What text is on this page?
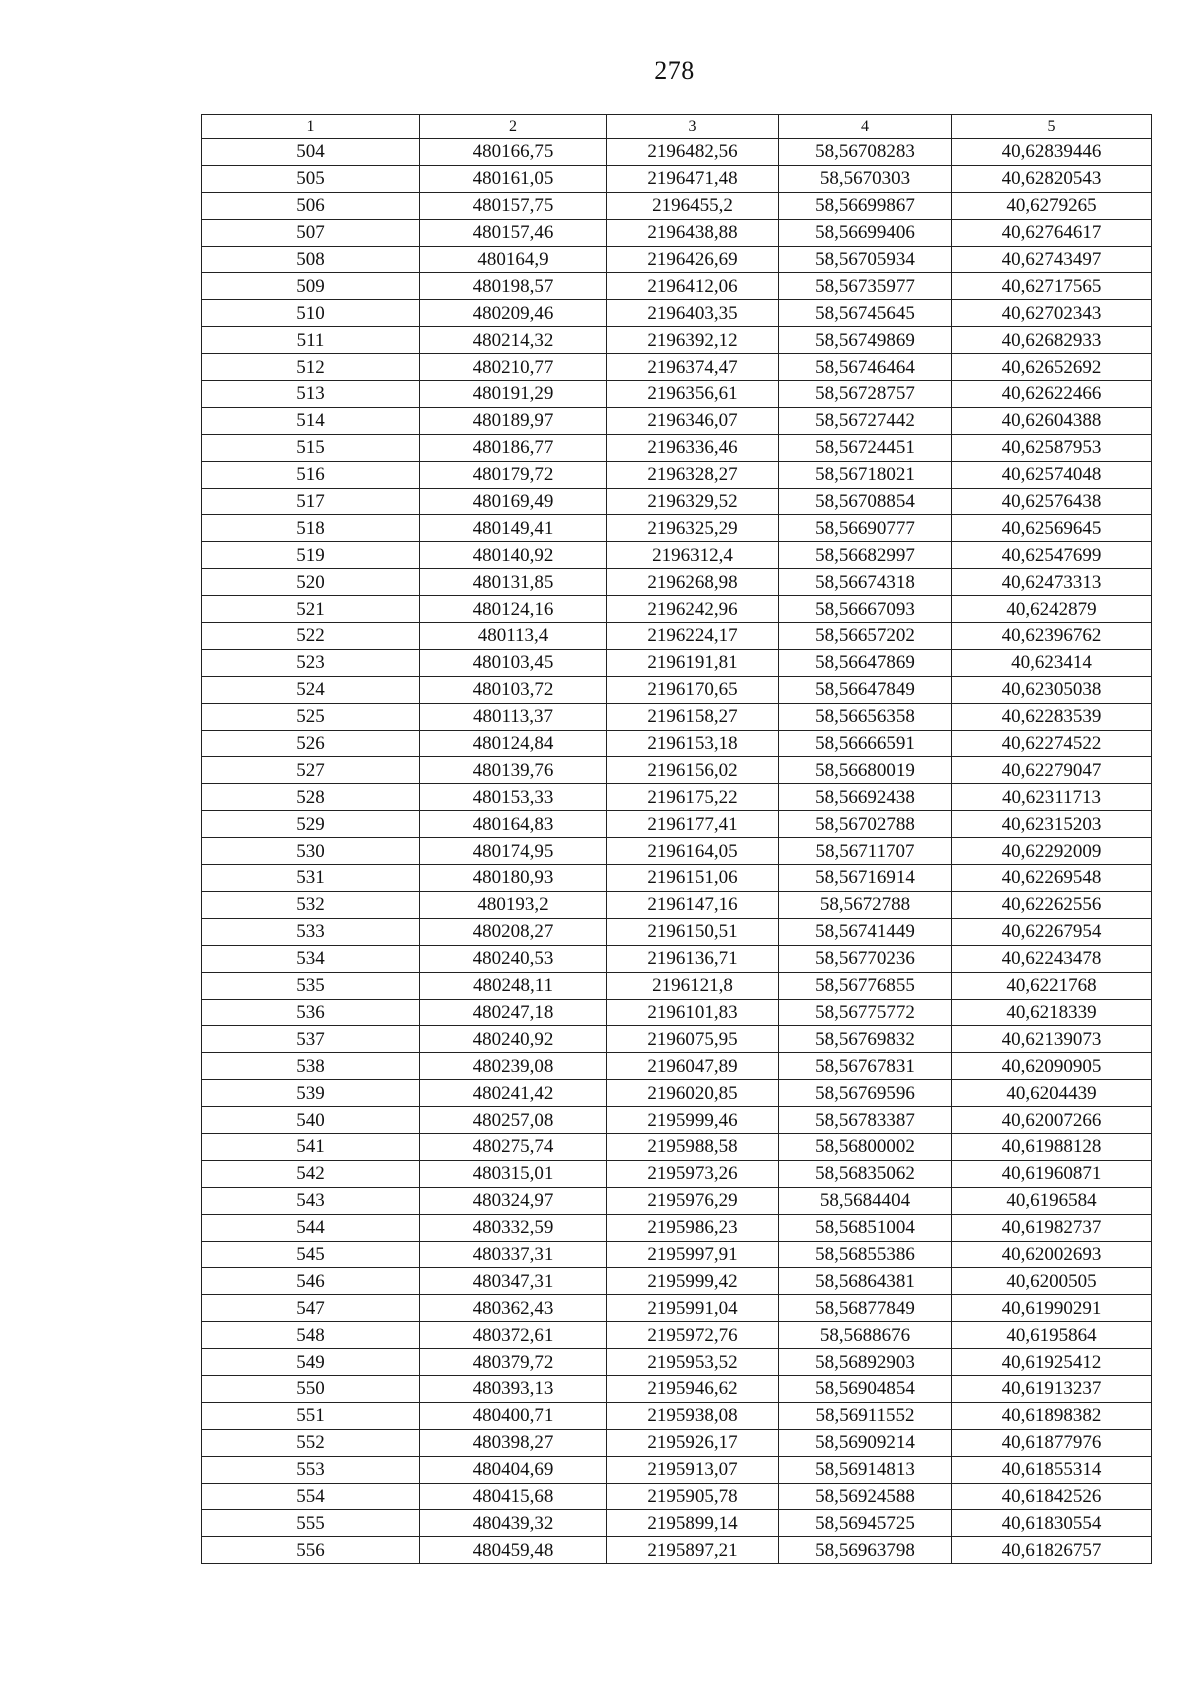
278
1	2	3	4	5
504	480166,75	2196482,56	58,56708283	40,62839446
505	480161,05	2196471,48	58,5670303	40,62820543
506	480157,75	2196455,2	58,56699867	40,6279265
507	480157,46	2196438,88	58,56699406	40,62764617
508	480164,9	2196426,69	58,56705934	40,62743497
509	480198,57	2196412,06	58,56735977	40,62717565
510	480209,46	2196403,35	58,56745645	40,62702343
511	480214,32	2196392,12	58,56749869	40,62682933
512	480210,77	2196374,47	58,56746464	40,62652692
513	480191,29	2196356,61	58,56728757	40,62622466
514	480189,97	2196346,07	58,56727442	40,62604388
515	480186,77	2196336,46	58,56724451	40,62587953
516	480179,72	2196328,27	58,56718021	40,62574048
517	480169,49	2196329,52	58,56708854	40,62576438
518	480149,41	2196325,29	58,56690777	40,62569645
519	480140,92	2196312,4	58,56682997	40,62547699
520	480131,85	2196268,98	58,56674318	40,62473313
521	480124,16	2196242,96	58,56667093	40,6242879
522	480113,4	2196224,17	58,56657202	40,62396762
523	480103,45	2196191,81	58,56647869	40,623414
524	480103,72	2196170,65	58,56647849	40,62305038
525	480113,37	2196158,27	58,56656358	40,62283539
526	480124,84	2196153,18	58,56666591	40,62274522
527	480139,76	2196156,02	58,56680019	40,62279047
528	480153,33	2196175,22	58,56692438	40,62311713
529	480164,83	2196177,41	58,56702788	40,62315203
530	480174,95	2196164,05	58,56711707	40,62292009
531	480180,93	2196151,06	58,56716914	40,62269548
532	480193,2	2196147,16	58,5672788	40,62262556
533	480208,27	2196150,51	58,56741449	40,62267954
534	480240,53	2196136,71	58,56770236	40,62243478
535	480248,11	2196121,8	58,56776855	40,6221768
536	480247,18	2196101,83	58,56775772	40,6218339
537	480240,92	2196075,95	58,56769832	40,62139073
538	480239,08	2196047,89	58,56767831	40,62090905
539	480241,42	2196020,85	58,56769596	40,6204439
540	480257,08	2195999,46	58,56783387	40,62007266
541	480275,74	2195988,58	58,56800002	40,61988128
542	480315,01	2195973,26	58,56835062	40,61960871
543	480324,97	2195976,29	58,5684404	40,6196584
544	480332,59	2195986,23	58,56851004	40,61982737
545	480337,31	2195997,91	58,56855386	40,62002693
546	480347,31	2195999,42	58,56864381	40,6200505
547	480362,43	2195991,04	58,56877849	40,61990291
548	480372,61	2195972,76	58,5688676	40,6195864
549	480379,72	2195953,52	58,56892903	40,61925412
550	480393,13	2195946,62	58,56904854	40,61913237
551	480400,71	2195938,08	58,56911552	40,61898382
552	480398,27	2195926,17	58,56909214	40,61877976
553	480404,69	2195913,07	58,56914813	40,61855314
554	480415,68	2195905,78	58,56924588	40,61842526
555	480439,32	2195899,14	58,56945725	40,61830554
556	480459,48	2195897,21	58,56963798	40,61826757
